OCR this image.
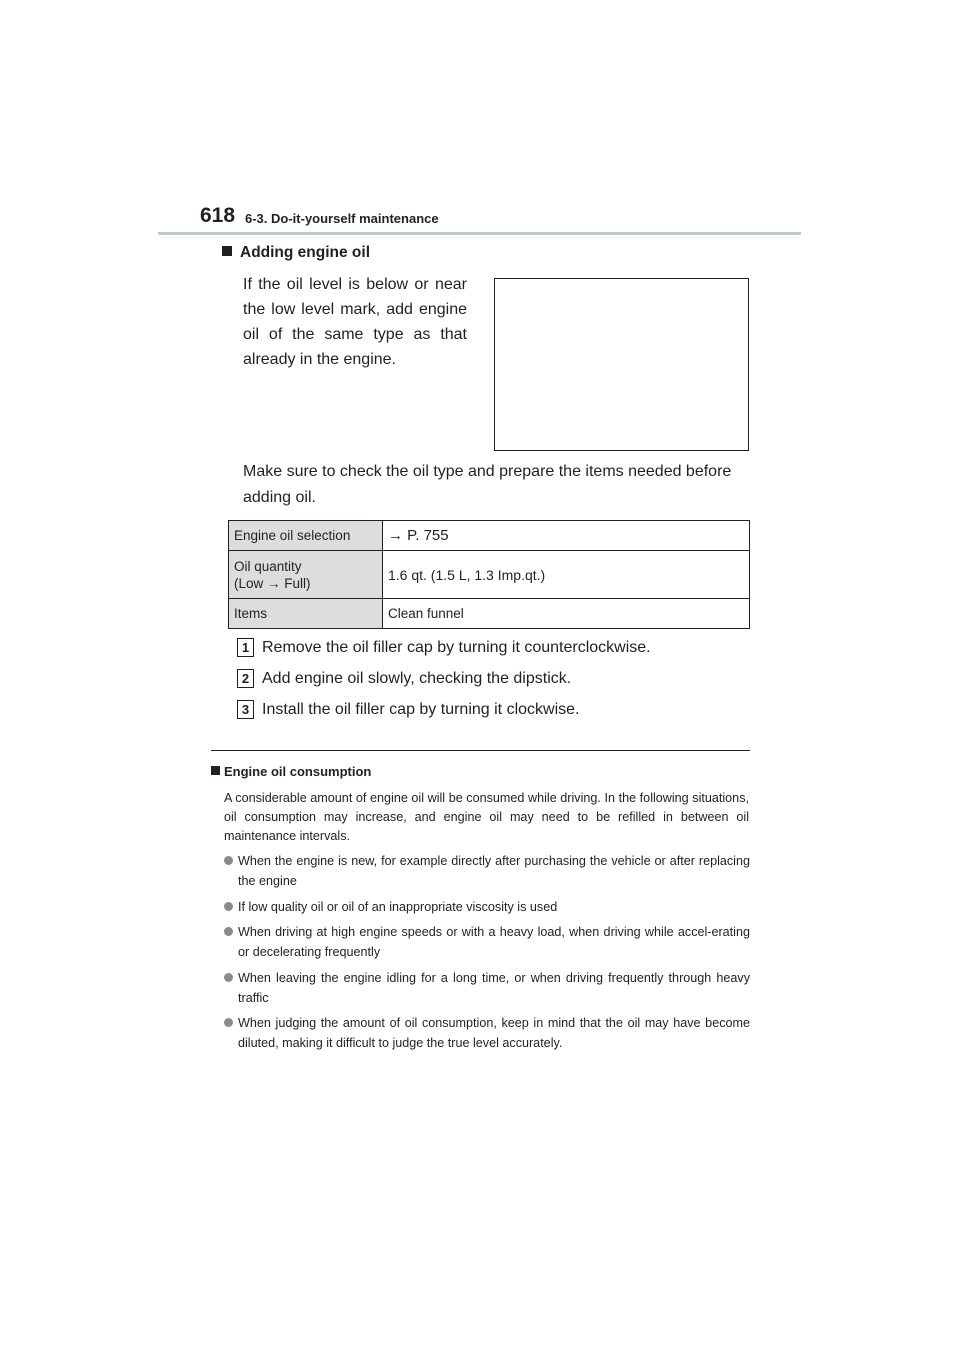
618 6-3. Do-it-yourself maintenance
Adding engine oil
If the oil level is below or near the low level mark, add engine oil of the same type as that already in the engine.
Make sure to check the oil type and prepare the items needed before adding oil.
Engine oil selection	→ P. 755
Oil quantity
(Low → Full)	1.6 qt. (1.5 L, 1.3 Imp.qt.)
Items	Clean funnel
1 Remove the oil filler cap by turning it counterclockwise.
2 Add engine oil slowly, checking the dipstick.
3 Install the oil filler cap by turning it clockwise.
Engine oil consumption
A considerable amount of engine oil will be consumed while driving. In the following situations, oil consumption may increase, and engine oil may need to be refilled in between oil maintenance intervals.
When the engine is new, for example directly after purchasing the vehicle or after replacing the engine
If low quality oil or oil of an inappropriate viscosity is used
When driving at high engine speeds or with a heavy load, when driving while accel-erating or decelerating frequently
When leaving the engine idling for a long time, or when driving frequently through heavy traffic
When judging the amount of oil consumption, keep in mind that the oil may have become diluted, making it difficult to judge the true level accurately.
